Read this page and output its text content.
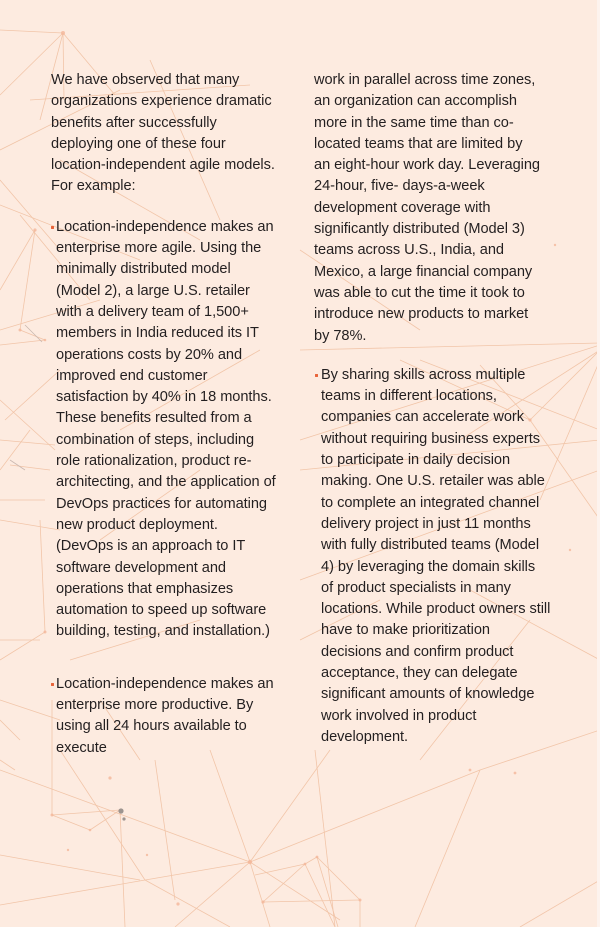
We have observed that many
organizations experience dramatic
benefits after successfully
deploying one of these four
location-independent agile models.
For example:

Location-independence makes an
enterprise more agile. Using the
minimally distributed model
(Model 2), a large U.S. retailer
with a delivery team of 1,500+
members in India reduced its IT
operations costs by 20% and
improved end customer
satisfaction by 40% in 18 months.
These benefits resulted from a
combination of steps, including
role rationalization, product re-
architecting, and the application of
DevOps practices for automating
new product deployment.
(DevOps is an approach to IT
software development and
operations that emphasizes
automation to speed up software
building, testing, and installation.)

Location-independence makes an
enterprise more productive. By
using all 24 hours available to
execute

work in parallel across time zones,
an organization can accomplish
more in the same time than co-
located teams that are limited by
an eight-hour work day. Leveraging
24-hour, five- days-a-week
development coverage with
significantly distributed (Model 3)
teams across U.S., India, and
Mexico, a large financial company
was able to cut the time it took to
introduce new products to market
by 78%.

By sharing skills across multiple
teams in different locations,
companies can accelerate work
without requiring business experts
to participate in daily decision
making. One U.S. retailer was able
to complete an integrated channel
delivery project in just 11 months
with fully distributed teams (Model
4) by leveraging the domain skills
of product specialists in many
locations. While product owners still
have to make prioritization
decisions and confirm product
acceptance, they can delegate
significant amounts of knowledge
work involved in product
development.
